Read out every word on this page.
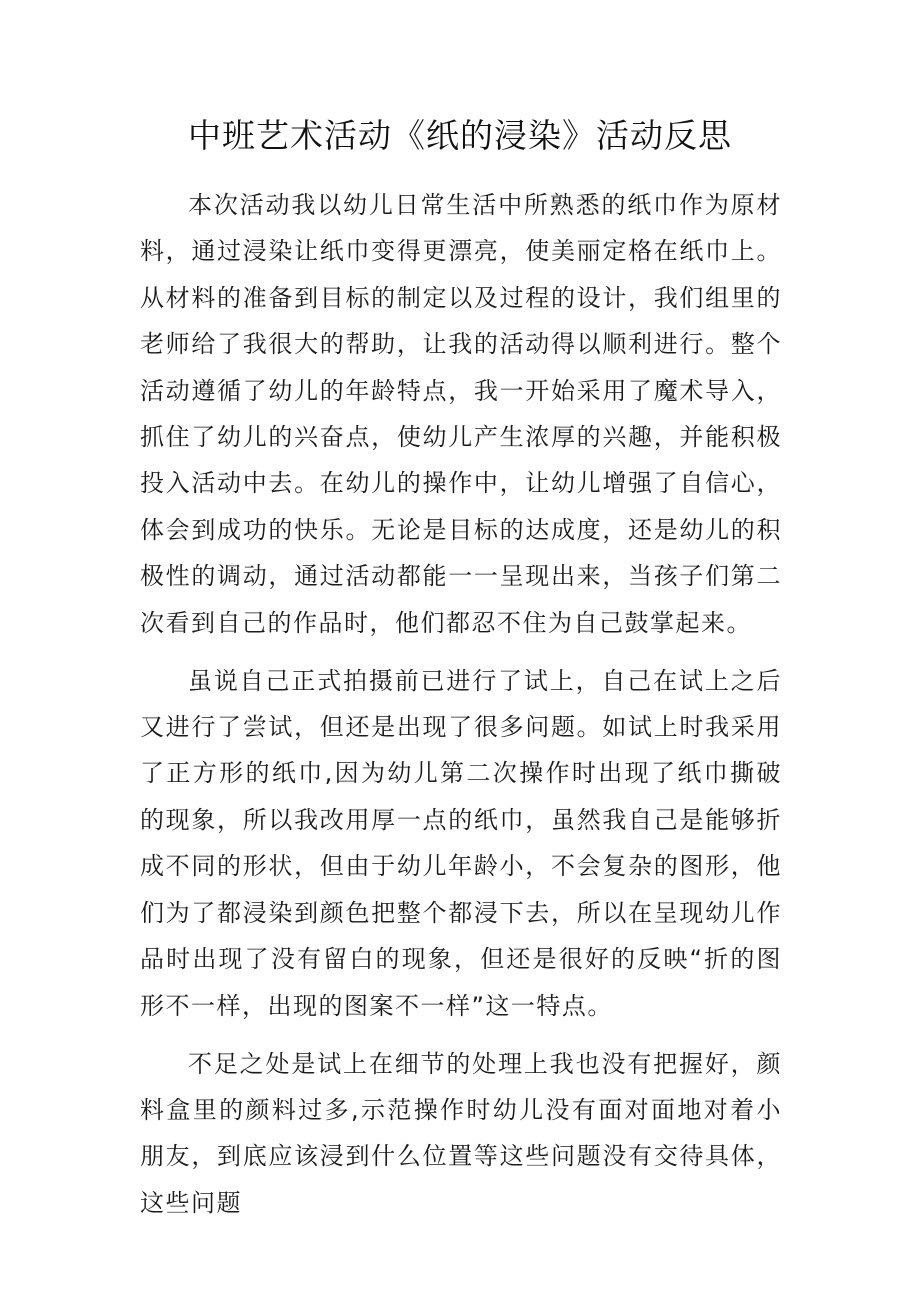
中班艺术活动《纸的浸染》活动反思

本次活动我以幼儿日常生活中所熟悉的纸巾作为原材料，通过浸染让纸巾变得更漂亮，使美丽定格在纸巾上。从材料的准备到目标的制定以及过程的设计，我们组里的老师给了我很大的帮助，让我的活动得以顺利进行。整个活动遵循了幼儿的年龄特点，我一开始采用了魔术导入，抓住了幼儿的兴奋点，使幼儿产生浓厚的兴趣，并能积极投入活动中去。在幼儿的操作中，让幼儿增强了自信心，体会到成功的快乐。无论是目标的达成度，还是幼儿的积极性的调动，通过活动都能一一呈现出来，当孩子们第二次看到自己的作品时，他们都忍不住为自己鼓掌起来。

虽说自己正式拍摄前已进行了试上，自己在试上之后又进行了尝试，但还是出现了很多问题。如试上时我采用了正方形的纸巾,因为幼儿第二次操作时出现了纸巾撕破的现象，所以我改用厚一点的纸巾，虽然我自己是能够折成不同的形状，但由于幼儿年龄小，不会复杂的图形，他们为了都浸染到颜色把整个都浸下去，所以在呈现幼儿作品时出现了没有留白的现象，但还是很好的反映“折的图形不一样，出现的图案不一样”这一特点。

不足之处是试上在细节的处理上我也没有把握好，颜料盒里的颜料过多,示范操作时幼儿没有面对面地对着小朋友，到底应该浸到什么位置等这些问题没有交待具体，这些问题
